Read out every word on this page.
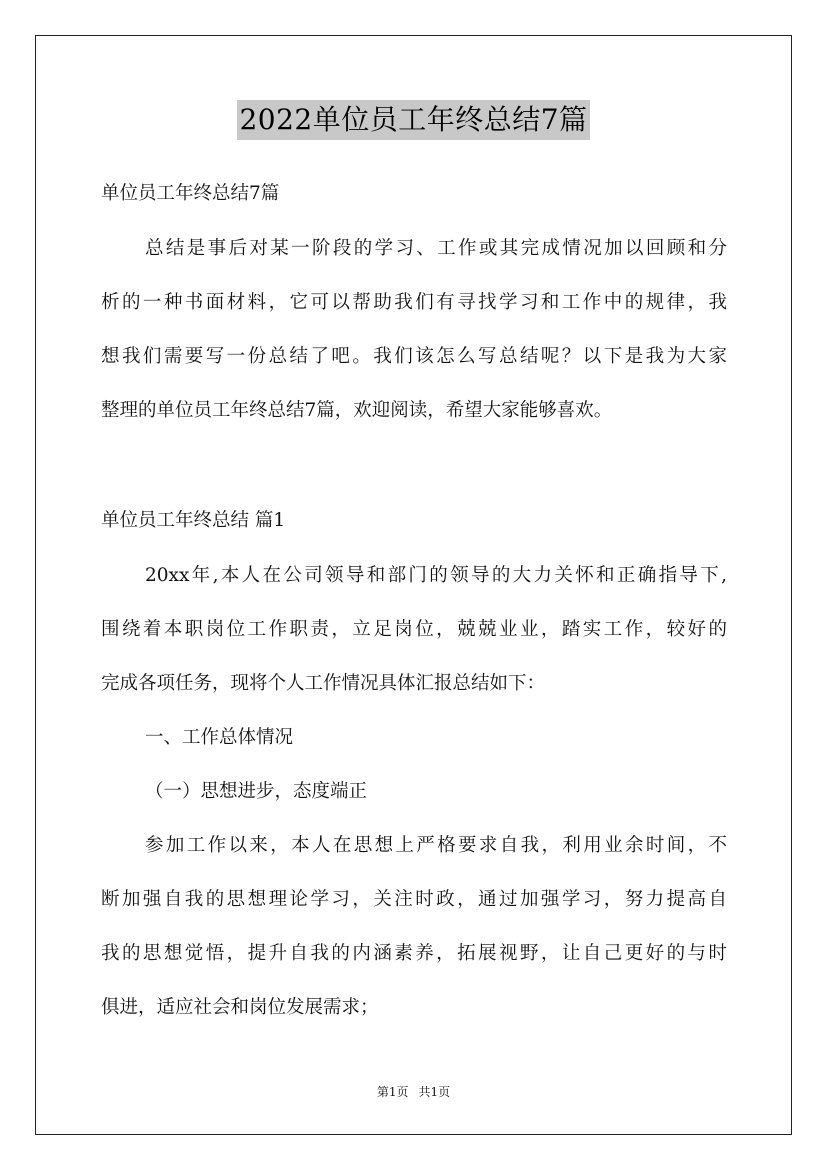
2022单位员工年终总结7篇
单位员工年终总结7篇
总结是事后对某一阶段的学习、工作或其完成情况加以回顾和分
析的一种书面材料，它可以帮助我们有寻找学习和工作中的规律，我
想我们需要写一份总结了吧。我们该怎么写总结呢？以下是我为大家
整理的单位员工年终总结7篇，欢迎阅读，希望大家能够喜欢。
单位员工年终总结 篇1
20xx年,本人在公司领导和部门的领导的大力关怀和正确指导下,
围绕着本职岗位工作职责，立足岗位，兢兢业业，踏实工作，较好的
完成各项任务，现将个人工作情况具体汇报总结如下：
一、工作总体情况
（一）思想进步，态度端正
参加工作以来，本人在思想上严格要求自我，利用业余时间，不
断加强自我的思想理论学习，关注时政，通过加强学习，努力提高自
我的思想觉悟，提升自我的内涵素养，拓展视野，让自己更好的与时
俱进，适应社会和岗位发展需求；
第1页 共1页
